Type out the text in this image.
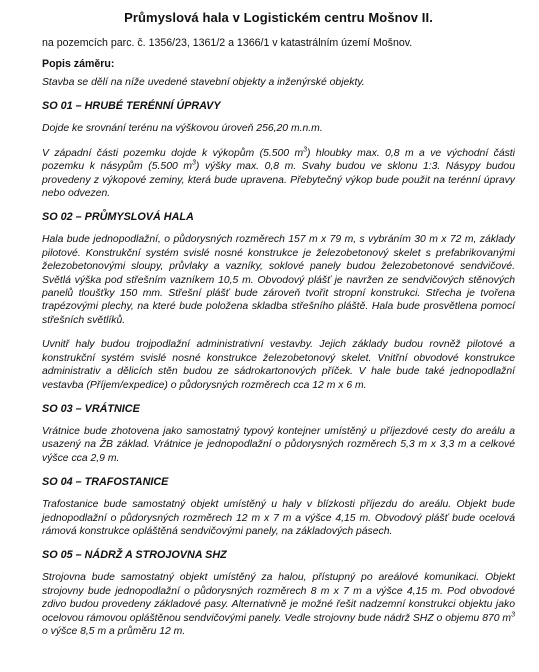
Průmyslová hala v Logistickém centru Mošnov II.
na pozemcích parc. č. 1356/23, 1361/2 a 1366/1 v katastrálním území Mošnov.
Popis záměru:
Stavba se dělí na níže uvedené stavební objekty a inženýrské objekty.
SO 01 – HRUBÉ TERÉNNÍ ÚPRAVY
Dojde ke srovnání terénu na výškovou úroveň 256,20 m.n.m.
V západní části pozemku dojde k výkopům (5.500 $m^3$) hloubky max. 0,8 m a ve východní části pozemku k násypům (5.500 $m^3$) výšky max. 0,8 m. Svahy budou ve sklonu 1:3. Násypy budou provedeny z výkopové zeminy, která bude upravena. Přebytečný výkop bude použit na terénní úpravy nebo odvezen.
SO 02 – PRŮMYSLOVÁ HALA
Hala bude jednopodlažní, o půdorysných rozměrech 157 m x 79 m, s vybráním 30 m x 72 m, základy pilotové. Konstrukční systém svislé nosné konstrukce je železobetonový skelet s prefabrikovanými železobetonovými sloupy, průvlaky a vazníky, soklové panely budou železobetonové sendvičové. Světlá výška pod střešním vazníkem 10,5 m. Obvodový plášť je navržen ze sendvičových stěnových panelů tloušťky 150 mm. Střešní plášť bude zároveň tvořit stropní konstrukci. Střecha je tvořena trapézovými plechy, na které bude položena skladba střešního pláště. Hala bude prosvětlena pomocí střešních světlíků.
Uvnitř haly budou trojpodlažní administrativní vestavby. Jejich základy budou rovněž pilotové a konstrukční systém svislé nosné konstrukce železobetonový skelet. Vnitřní obvodové konstrukce administrativ a dělicích stěn budou ze sádrokartonových příček. V hale bude také jednopodlažní vestavba (Příjem/expedice) o půdorysných rozměrech cca 12 m x 6 m.
SO 03 – VRÁTNICE
Vrátnice bude zhotovena jako samostatný typový kontejner umístěný u příjezdové cesty do areálu a usazený na ŽB základ. Vrátnice je jednopodlažní o půdorysných rozměrech 5,3 m x 3,3 m a celkové výšce cca 2,9 m.
SO 04 – TRAFOSTANICE
Trafostanice bude samostatný objekt umístěný u haly v blízkosti příjezdu do areálu. Objekt bude jednopodlažní o půdorysných rozměrech 12 m x 7 m a výšce 4,15 m. Obvodový plášť bude ocelová rámová konstrukce opláštěná sendvičovými panely, na základových pásech.
SO 05 – NÁDRŽ A STROJOVNA SHZ
Strojovna bude samostatný objekt umístěný za halou, přístupný po areálové komunikaci. Objekt strojovny bude jednopodlažní o půdorysných rozměrech 8 m x 7 m a výšce 4,15 m. Pod obvodové zdivo budou provedeny základové pasy. Alternativně je možné řešit nadzemní konstrukci objektu jako ocelovou rámovou opláštěnou sendvičovými panely. Vedle strojovny bude nádrž SHZ o objemu 870 $m^3$ o výšce 8,5 m a průměru 12 m.
